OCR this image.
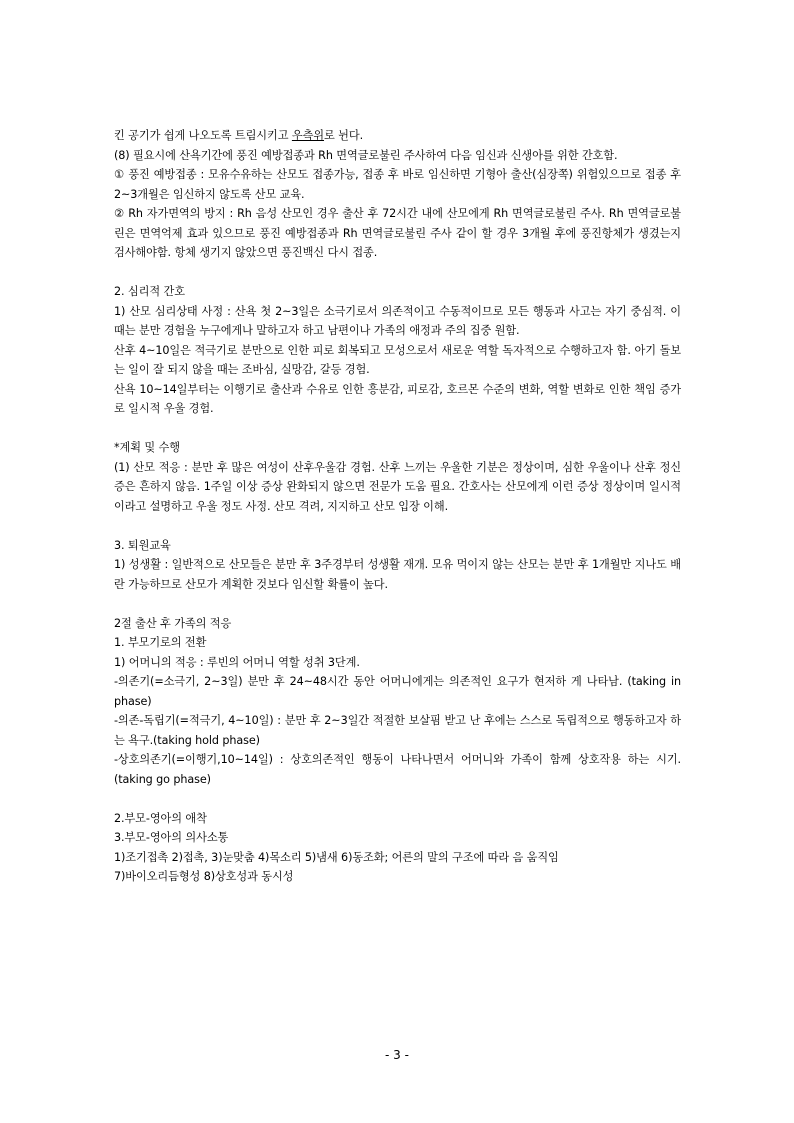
킨 공기가 쉽게 나오도록 트림시키고 우측위로 뉜다.

(8) 필요시에 산욕기간에 풍진 예방접종과 Rh 면역글로불린 주사하여 다음 임신과 신생아를 위한 간호함.

① 풍진 예방접종 : 모유수유하는 산모도 접종가능, 접종 후 바로 임신하면 기형아 출산(심장쪽) 위험있으므로 접종 후 2~3개월은 임신하지 않도록 산모 교육.

② Rh 자가면역의 방지 : Rh 음성 산모인 경우 출산 후 72시간 내에 산모에게 Rh 면역글로불린 주사. Rh 면역글로불린은 면역억제 효과 있으므로 풍진 예방접종과 Rh 면역글로불린 주사 같이 할 경우 3개월 후에 풍진항체가 생겼는지 검사해야함. 항체 생기지 않았으면 풍진백신 다시 접종.

2. 심리적 간호

1) 산모 심리상태 사정 : 산욕 첫 2~3일은 소극기로서 의존적이고 수동적이므로 모든 행동과 사고는 자기 중심적. 이때는 분만 경험을 누구에게나 말하고자 하고 남편이나 가족의 애정과 주의 집중 원함.

산후 4~10일은 적극기로 분만으로 인한 피로 회복되고 모성으로서 새로운 역할 독자적으로 수행하고자 함. 아기 돌보는 일이 잘 되지 않을 때는 조바심, 실망감, 갈등 경험.

산욕 10~14일부터는 이행기로 출산과 수유로 인한 흥분감, 피로감, 호르몬 수준의 변화, 역할 변화로 인한 책임 증가로 일시적 우울 경험.

*계획 및 수행

(1) 산모 적응 : 분만 후 많은 여성이 산후우울감 경험. 산후 느끼는 우울한 기분은 정상이며, 심한 우울이나 산후 정신증은 흔하지 않음. 1주일 이상 증상 완화되지 않으면 전문가 도움 필요. 간호사는 산모에게 이런 증상 정상이며 일시적이라고 설명하고 우울 정도 사정. 산모 격려, 지지하고 산모 입장 이해.

3. 퇴원교육

1) 성생활 : 일반적으로 산모들은 분만 후 3주경부터 성생활 재개. 모유 먹이지 않는 산모는 분만 후 1개월만 지나도 배란 가능하므로 산모가 계획한 것보다 임신할 확률이 높다.

2절 출산 후 가족의 적응

1. 부모기로의 전환

1) 어머니의 적응 : 루빈의 어머니 역할 성취 3단계.

-의존기(=소극기, 2~3일) 분만 후 24~48시간 동안 어머니에게는 의존적인 요구가 현저하 게 나타남. (taking in phase)

-의존-독립기(=적극기, 4~10일) : 분만 후 2~3일간 적절한 보살핌 받고 난 후에는 스스로 독립적으로 행동하고자 하는 욕구.(taking hold phase)

-상호의존기(=이행기,10~14일) : 상호의존적인 행동이 나타나면서 어머니와 가족이 함께 상호작용 하는 시기. (taking go phase)

2.부모-영아의 애착

3.부모-영아의 의사소통

1)조기접촉 2)접촉, 3)눈맞춤 4)목소리 5)냄새 6)동조화; 어른의 말의 구조에 따라 음 움직임

7)바이오리듬형성 8)상호성과 동시성

- 3 -
